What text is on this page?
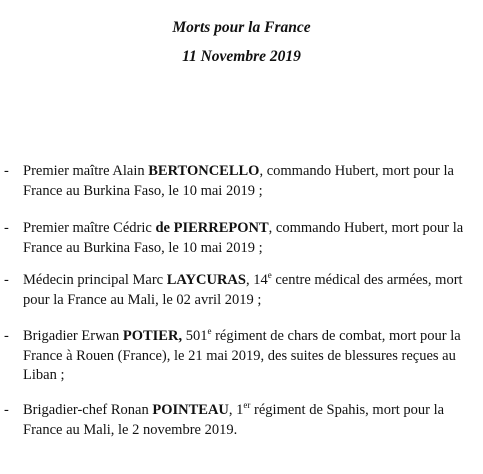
Morts pour la France

11 Novembre 2019

- Premier maître Alain BERTONCELLO, commando Hubert, mort pour la France au Burkina Faso, le 10 mai 2019 ;

- Premier maître Cédric de PIERREPONT, commando Hubert, mort pour la France au Burkina Faso, le 10 mai 2019 ;

- Médecin principal Marc LAYCURAS, 14e centre médical des armées, mort pour la France au Mali, le 02 avril 2019 ;

- Brigadier Erwan POTIER, 501e régiment de chars de combat, mort pour la France à Rouen (France), le 21 mai 2019, des suites de blessures reçues au Liban ;

- Brigadier-chef Ronan POINTEAU, 1er régiment de Spahis, mort pour la France au Mali, le 2 novembre 2019.
